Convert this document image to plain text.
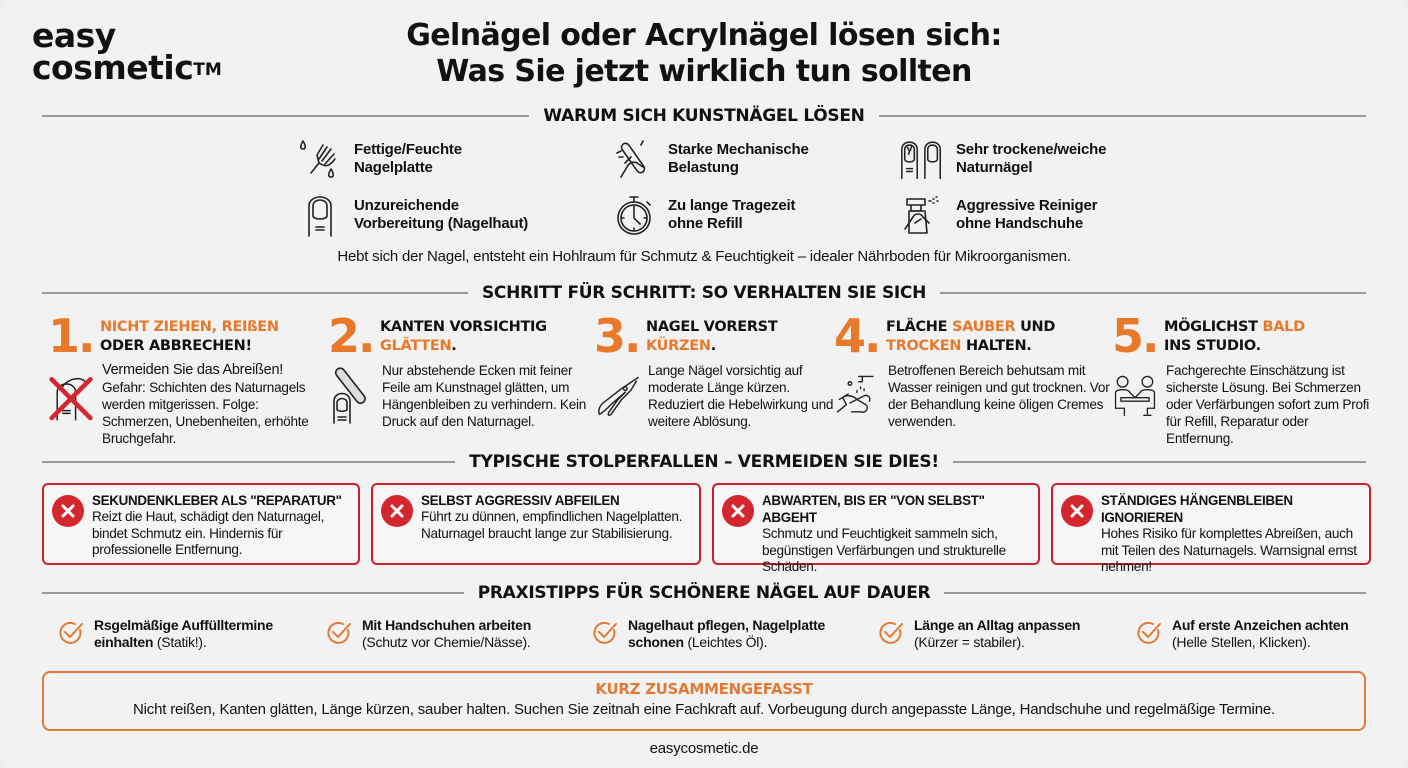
easy
cosmetic™
Gelnägel oder Acrylnägel lösen sich:
Was Sie jetzt wirklich tun sollten
WARUM SICH KUNSTNÄGEL LÖSEN
Fettige/Feuchte
Nagelplatte
Starke Mechanische
Belastung
Sehr trockene/weiche
Naturnägel
Unzureichende
Vorbereitung (Nagelhaut)
Zu lange Tragezeit
ohne Refill
Aggressive Reiniger
ohne Handschuhe
Hebt sich der Nagel, entsteht ein Hohlraum für Schmutz & Feuchtigkeit – idealer Nährboden für Mikroorganismen.
SCHRITT FÜR SCHRITT: SO VERHALTEN SIE SICH
1. NICHT ZIEHEN, REIßEN
ODER ABBRECHEN!
Vermeiden Sie das Abreißen!
Gefahr: Schichten des Naturnagels werden mitgerissen. Folge: Schmerzen, Unebenheiten, erhöhte Bruchgefahr.
2. KANTEN VORSICHTIG
GLÄTTEN.
Nur abstehende Ecken mit feiner Feile am Kunstnagel glätten, um Hängenbleiben zu verhindern. Kein Druck auf den Naturnagel.
3. NAGEL VORERST
KÜRZEN.
Lange Nägel vorsichtig auf moderate Länge kürzen. Reduziert die Hebelwirkung und weitere Ablösung.
4. FLÄCHE SAUBER UND
TROCKEN HALTEN.
Betroffenen Bereich behutsam mit Wasser reinigen und gut trocknen. Vor der Behandlung keine öligen Cremes verwenden.
5. MÖGLICHST BALD
INS STUDIO.
Fachgerechte Einschätzung ist sicherste Lösung. Bei Schmerzen oder Verfärbungen sofort zum Profi für Refill, Reparatur oder Entfernung.
TYPISCHE STOLPERFALLEN – VERMEIDEN SIE DIES!
SEKUNDENKLEBER ALS "REPARATUR"
Reizt die Haut, schädigt den Naturnagel, bindet Schmutz ein. Hindernis für professionelle Entfernung.
SELBST AGGRESSIV ABFEILEN
Führt zu dünnen, empfindlichen Nagelplatten. Naturnagel braucht lange zur Stabilisierung.
ABWARTEN, BIS ER "VON SELBST" ABGEHT
Schmutz und Feuchtigkeit sammeln sich, begünstigen Verfärbungen und strukturelle Schäden.
STÄNDIGES HÄNGENBLEIBEN IGNORIEREN
Hohes Risiko für komplettes Abreißen, auch mit Teilen des Naturnagels. Warnsignal ernst nehmen!
PRAXISTIPPS FÜR SCHÖNERE NÄGEL AUF DAUER
Rsgelmäßige Auffülltermine
einhalten (Statik!).
Mit Handschuhen arbeiten
(Schutz vor Chemie/Nässe).
Nagelhaut pflegen, Nagelplatte
schonen (Leichtes Öl).
Länge an Alltag anpassen
(Kürzer = stabiler).
Auf erste Anzeichen achten
(Helle Stellen, Klicken).
KURZ ZUSAMMENGEFASST
Nicht reißen, Kanten glätten, Länge kürzen, sauber halten. Suchen Sie zeitnah eine Fachkraft auf. Vorbeugung durch angepasste Länge, Handschuhe und regelmäßige Termine.
easycosmetic.de
